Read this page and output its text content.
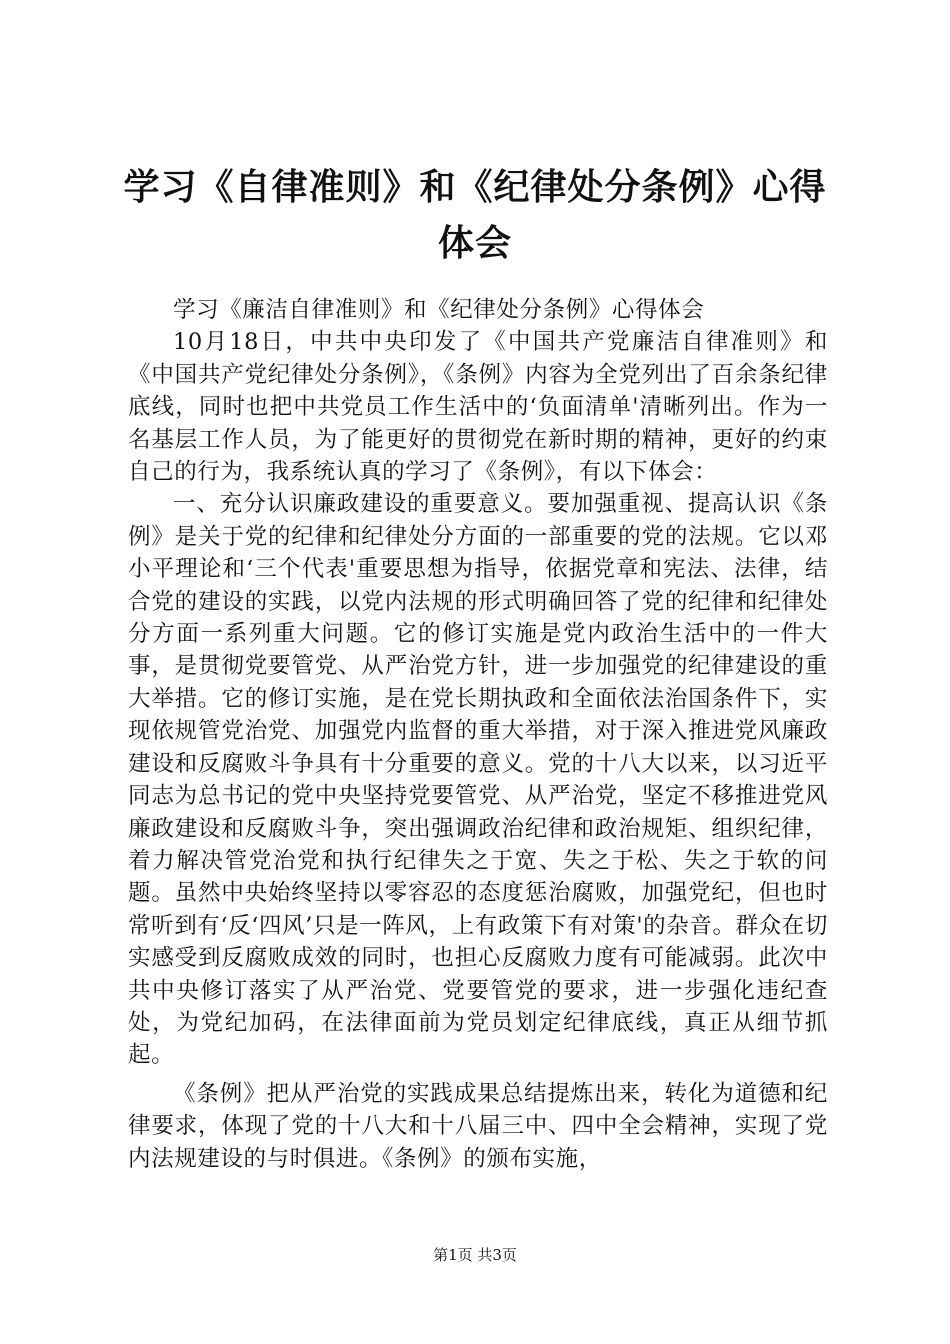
学习《自律准则》和《纪律处分条例》心得体会

学习《廉洁自律准则》和《纪律处分条例》心得体会

10月18日，中共中央印发了《中国共产党廉洁自律准则》和《中国共产党纪律处分条例》，《条例》内容为全党列出了百余条纪律底线，同时也把中共党员工作生活中的‘负面清单'清晰列出。作为一名基层工作人员，为了能更好的贯彻党在新时期的精神，更好的约束自己的行为，我系统认真的学习了《条例》，有以下体会：

一、充分认识廉政建设的重要意义。要加强重视、提高认识《条例》是关于党的纪律和纪律处分方面的一部重要的党的法规。它以邓小平理论和‘三个代表'重要思想为指导，依据党章和宪法、法律，结合党的建设的实践，以党内法规的形式明确回答了党的纪律和纪律处分方面一系列重大问题。它的修订实施是党内政治生活中的一件大事，是贯彻党要管党、从严治党方针，进一步加强党的纪律建设的重大举措。它的修订实施，是在党长期执政和全面依法治国条件下，实现依规管党治党、加强党内监督的重大举措，对于深入推进党风廉政建设和反腐败斗争具有十分重要的意义。党的十八大以来，以习近平同志为总书记的党中央坚持党要管党、从严治党，坚定不移推进党风廉政建设和反腐败斗争，突出强调政治纪律和政治规矩、组织纪律，着力解决管党治党和执行纪律失之于宽、失之于松、失之于软的问题。虽然中央始终坚持以零容忍的态度惩治腐败，加强党纪，但也时常听到有‘反‘四风’只是一阵风，上有政策下有对策'的杂音。群众在切实感受到反腐败成效的同时，也担心反腐败力度有可能减弱。此次中共中央修订落实了从严治党、党要管党的要求，进一步强化违纪查处，为党纪加码，在法律面前为党员划定纪律底线，真正从细节抓起。

《条例》把从严治党的实践成果总结提炼出来，转化为道德和纪律要求，体现了党的十八大和十八届三中、四中全会精神，实现了党内法规建设的与时俱进。《条例》的颁布实施，

第1页 共3页
